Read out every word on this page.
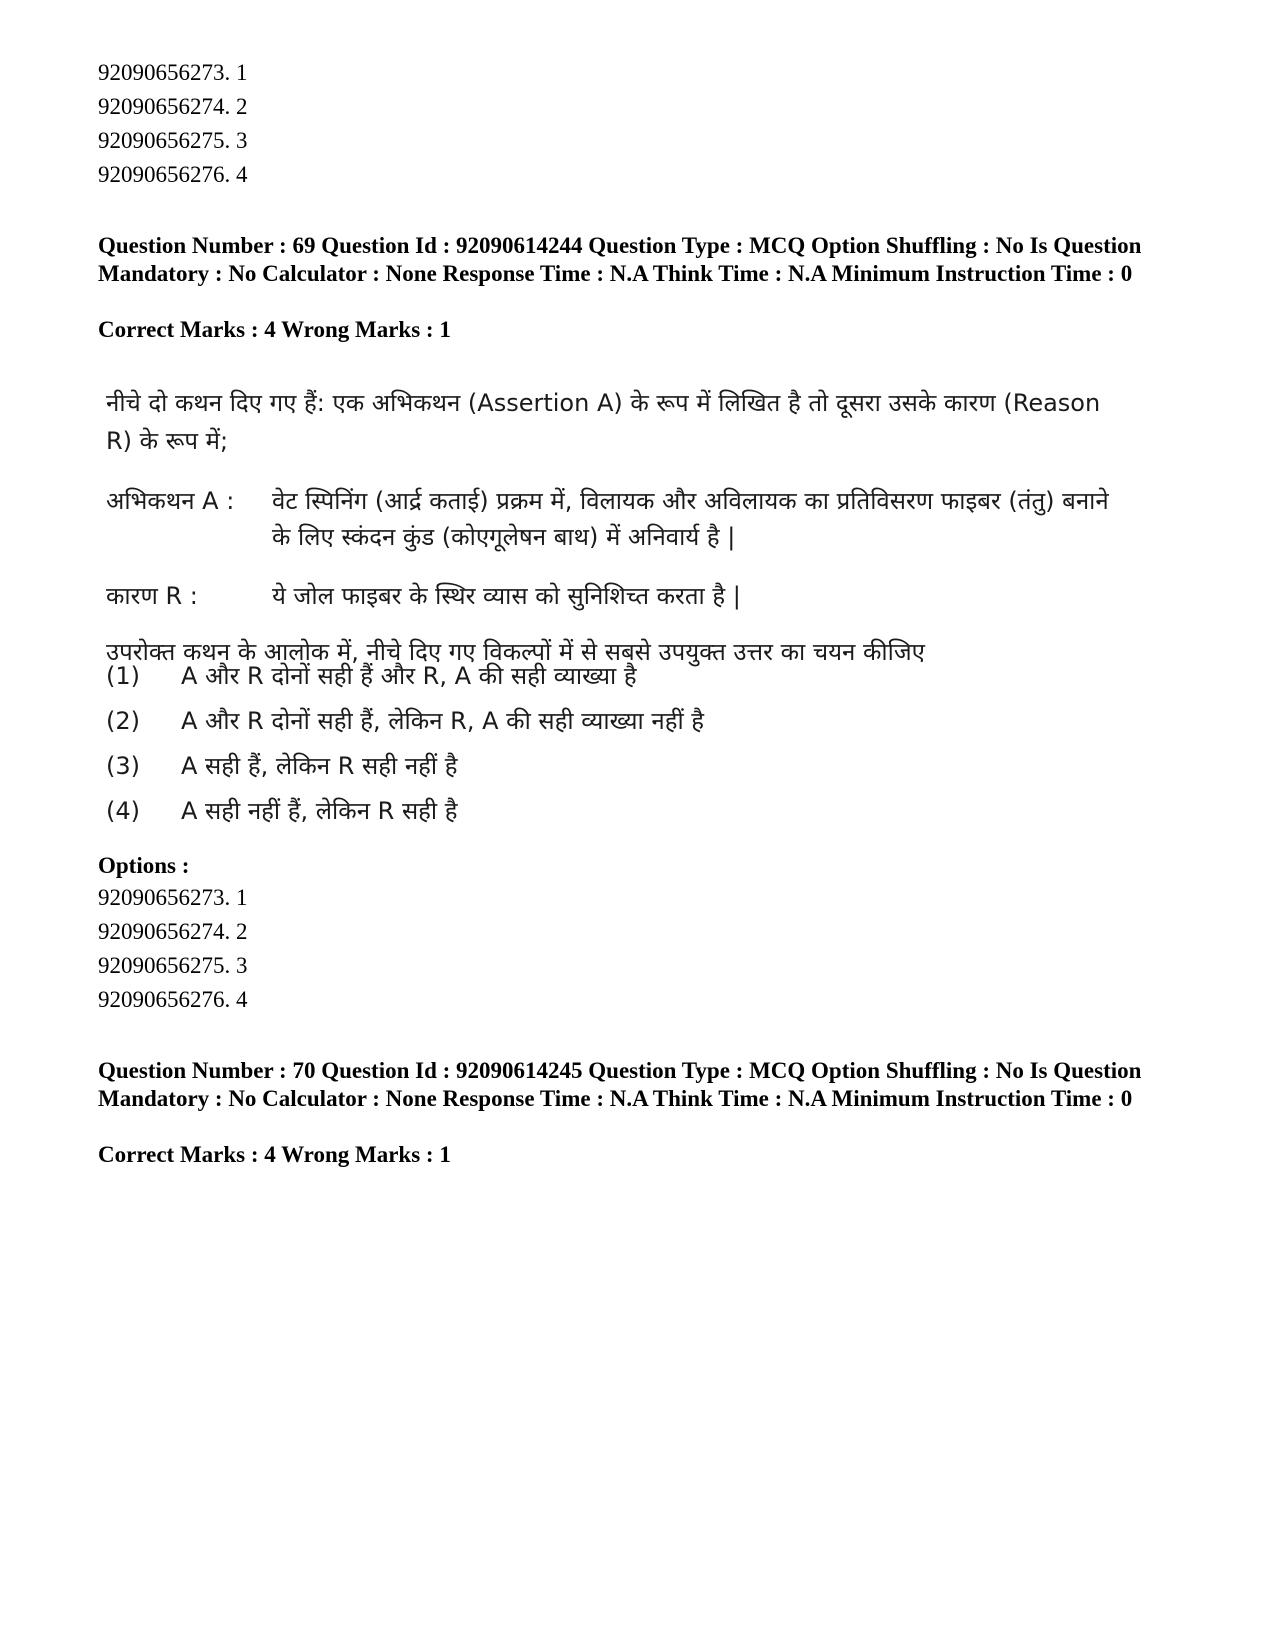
92090656273. 1
92090656274. 2
92090656275. 3
92090656276. 4
Question Number : 69 Question Id : 92090614244 Question Type : MCQ Option Shuffling : No Is Question Mandatory : No Calculator : None Response Time : N.A Think Time : N.A Minimum Instruction Time : 0
Correct Marks : 4 Wrong Marks : 1
नीचे दो कथन दिए गए हैं: एक अभिकथन (Assertion A) के रूप में लिखित है तो दूसरा उसके कारण (Reason R) के रूप में;
अभिकथन A : वेट स्पिनिंग (आर्द्र कताई) प्रक्रम में, विलायक और अविलायक का प्रतिविसरण फाइबर (तंतु) बनाने के लिए स्कंदन कुंड (कोएगूलेषन बाथ) में अनिवार्य है |
कारण R :	ये जोल फाइबर के स्थिर व्यास को सुनिशिच्त करता है |
उपरोक्त कथन के आलोक में, नीचे दिए गए विकल्पों में से सबसे उपयुक्त उत्तर का चयन कीजिए
(1) A और R दोनों सही हैं और R, A की सही व्याख्या है
(2) A और R दोनों सही हैं, लेकिन R, A की सही व्याख्या नहीं है
(3) A सही हैं, लेकिन R सही नहीं है
(4) A सही नहीं हैं, लेकिन R सही है
Options :
92090656273. 1
92090656274. 2
92090656275. 3
92090656276. 4
Question Number : 70 Question Id : 92090614245 Question Type : MCQ Option Shuffling : No Is Question Mandatory : No Calculator : None Response Time : N.A Think Time : N.A Minimum Instruction Time : 0
Correct Marks : 4 Wrong Marks : 1
